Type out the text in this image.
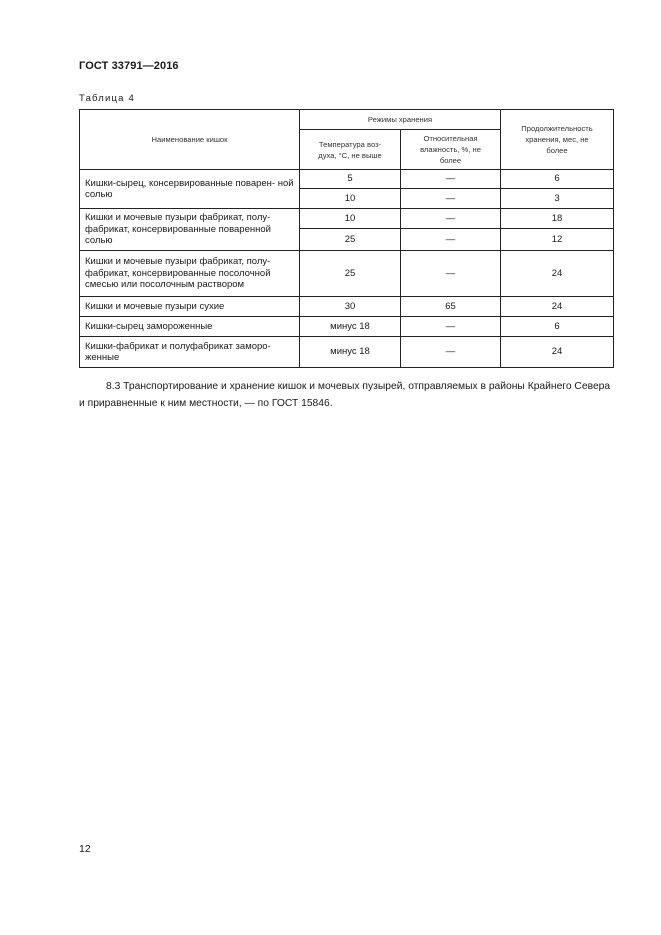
ГОСТ 33791—2016
Таблица 4
Наименование кишок	Режимы хранения		Продолжительность хранения, мес, не более
	Температура воз- духа, °С, не выше	Относительная влажность, %, не более	
Кишки-сырец, консервированные поварен- ной солью	5	—	6
	10	—	3
Кишки и мочевые пузыри фабрикат, полу- фабрикат, консервированные поваренной солью	10	—	18
	25	—	12
Кишки и мочевые пузыри фабрикат, полу- фабрикат, консервированные посолочной смесью или посолочным раствором	25	—	24
Кишки и мочевые пузыри сухие	30	65	24
Кишки-сырец замороженные	минус 18	—	6
Кишки-фабрикат и полуфабрикат заморо- женные	минус 18	—	24
8.3 Транспортирование и хранение кишок и мочевых пузырей, отправляемых в районы Крайнего Севера и приравненные к ним местности, — по ГОСТ 15846.
12
